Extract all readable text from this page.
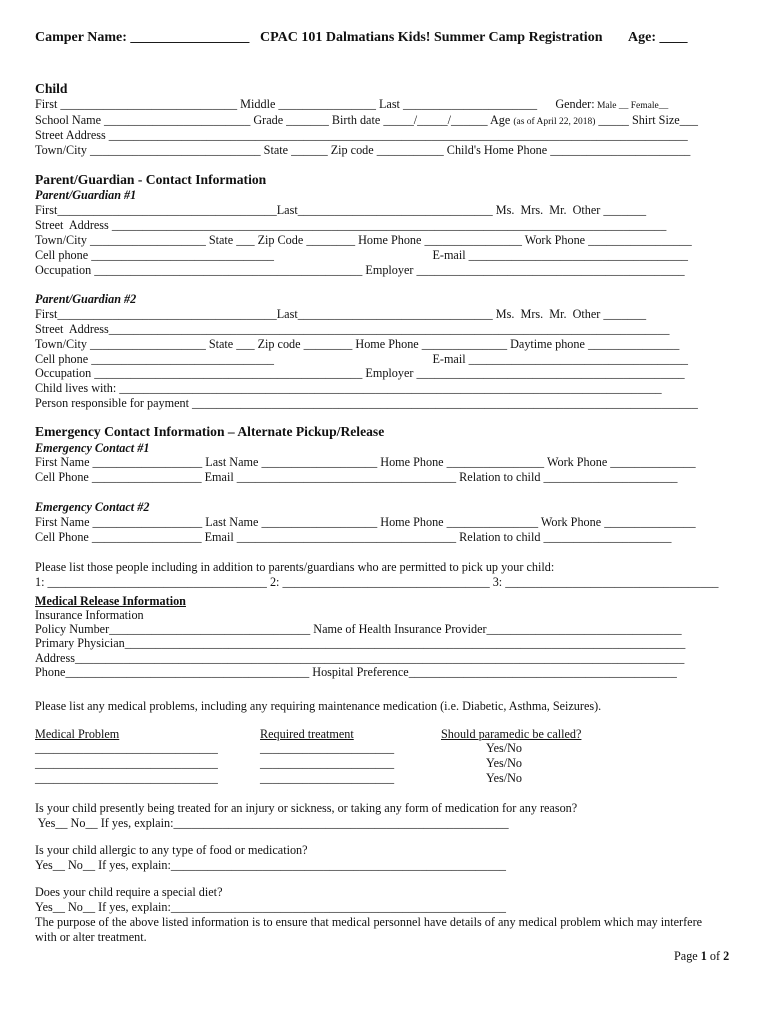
Camper Name: _________________ CPAC 101 Dalmatians Kids! Summer Camp Registration Age: ____
Child
First _____________________________ Middle ________________ Last ______________________      Gender: Male __ Female__
School Name ________________________ Grade _______ Birth date _____/_____/______ Age (as of April 22, 2018) _____ Shirt Size___
Street Address _______________________________________________________________________________________________
Town/City ____________________________ State ______ Zip code ___________ Child's Home Phone _______________________
Parent/Guardian - Contact Information
Parent/Guardian #1
First____________________________________Last________________________________ Ms.  Mrs.  Mr.  Other _______
Street  Address ___________________________________________________________________________________________
Town/City ___________________ State ___ Zip Code ________ Home Phone ________________ Work Phone _________________
Cell phone ______________________________                                                    E-mail ____________________________________
Occupation ____________________________________________ Employer ____________________________________________
Parent/Guardian #2
First____________________________________Last________________________________ Ms.  Mrs.  Mr.  Other _______
Street  Address____________________________________________________________________________________________
Town/City ___________________ State ___ Zip code ________ Home Phone ______________ Daytime phone _______________
Cell phone ______________________________                                                    E-mail ____________________________________
Occupation ____________________________________________ Employer ____________________________________________
Child lives with: _________________________________________________________________________________________
Person responsible for payment ___________________________________________________________________________________
Emergency Contact Information – Alternate Pickup/Release
Emergency Contact #1
First Name __________________ Last Name ___________________ Home Phone ________________ Work Phone ______________
Cell Phone __________________ Email ____________________________________ Relation to child ______________________
Emergency Contact #2
First Name __________________ Last Name ___________________ Home Phone _______________ Work Phone _______________
Cell Phone __________________ Email ____________________________________ Relation to child _____________________
Please list those people including in addition to parents/guardians who are permitted to pick up your child:
1: ____________________________________ 2: __________________________________ 3: ___________________________________
Medical Release Information
Insurance Information
Policy Number_________________________________ Name of Health Insurance Provider________________________________
Primary Physician____________________________________________________________________________________________
Address____________________________________________________________________________________________________
Phone________________________________________ Hospital Preference____________________________________________
Please list any medical problems, including any requiring maintenance medication (i.e. Diabetic, Asthma, Seizures).
Medical Problem	Required treatment	Should paramedic be called?
______________________________	______________________	Yes/No
______________________________	______________________	Yes/No
______________________________	______________________	Yes/No
Is your child presently being treated for an injury or sickness, or taking any form of medication for any reason?
Yes__ No__ If yes, explain:_______________________________________________________
Is your child allergic to any type of food or medication?
Yes__ No__ If yes, explain:_______________________________________________________
Does your child require a special diet?
Yes__ No__ If yes, explain:_______________________________________________________
The purpose of the above listed information is to ensure that medical personnel have details of any medical problem which may interfere
with or alter treatment.
Page 1 of 2
